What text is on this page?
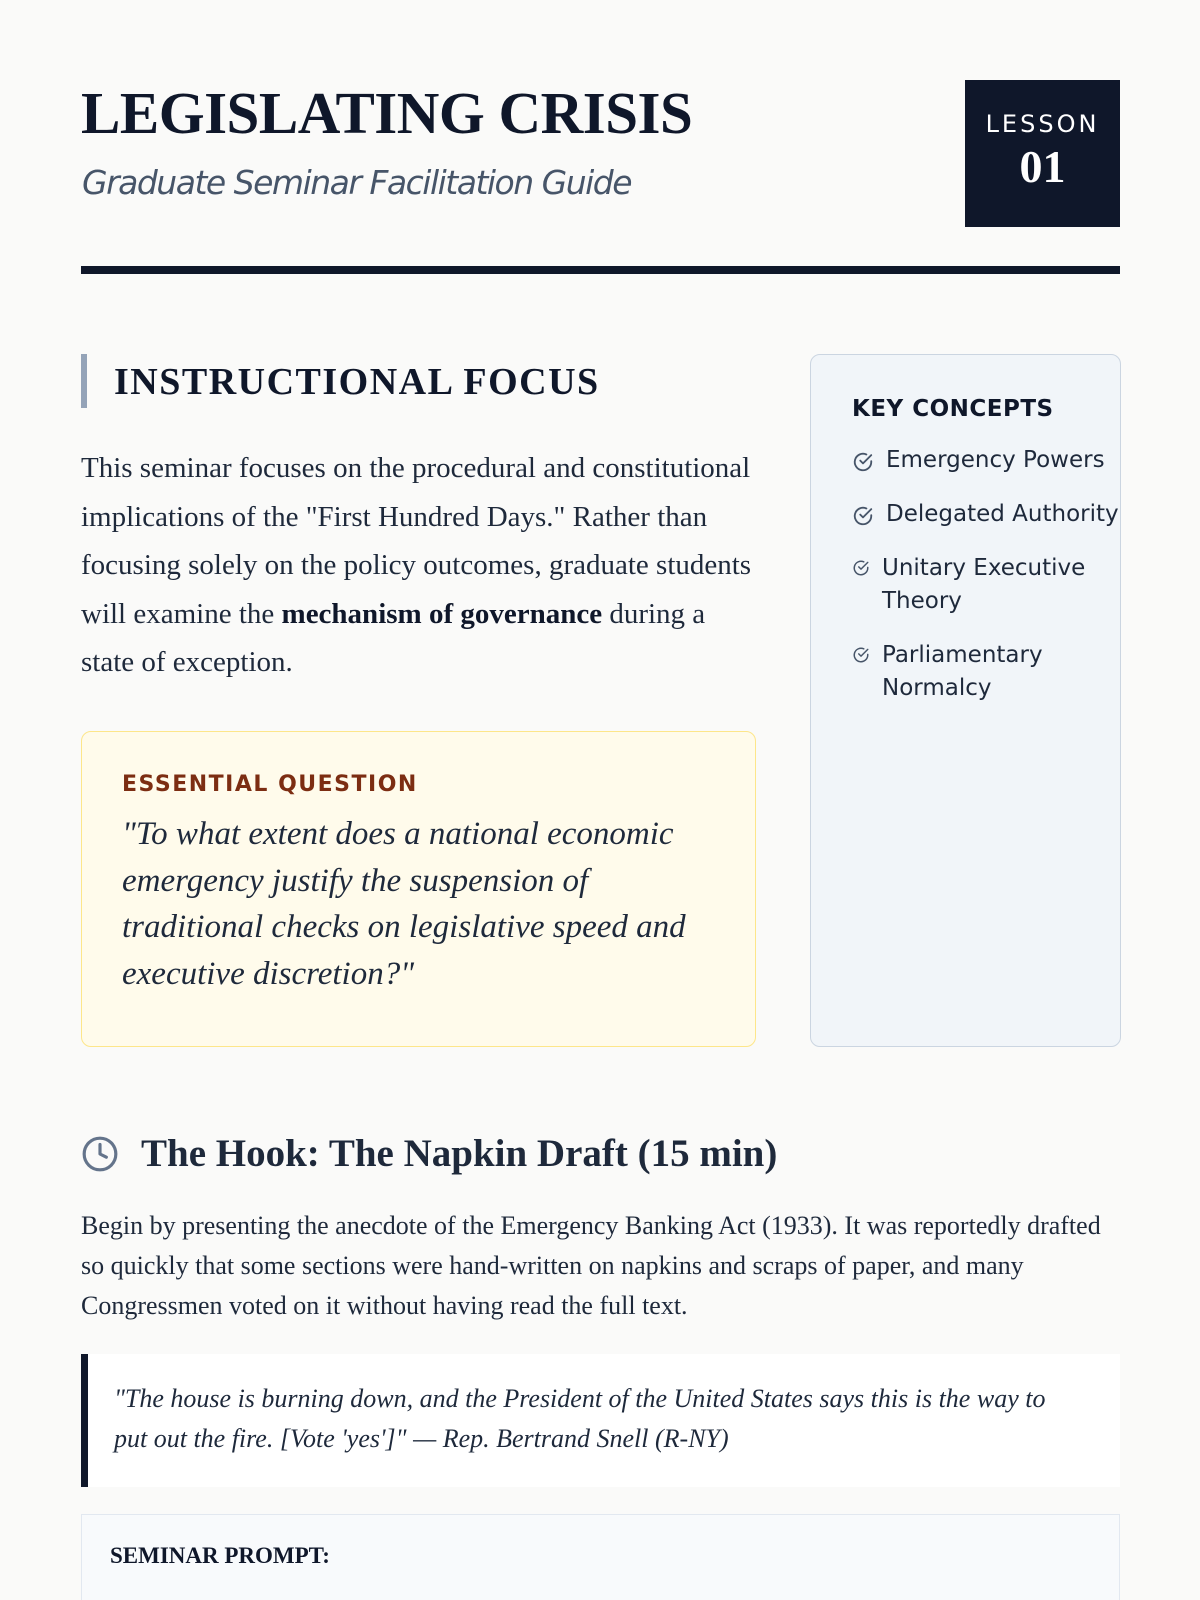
LEGISLATING CRISIS
Graduate Seminar Facilitation Guide
LESSON
01
INSTRUCTIONAL FOCUS

This seminar focuses on the procedural and constitutional implications of the "First Hundred Days." Rather than focusing solely on the policy outcomes, graduate students will examine the mechanism of governance during a state of exception.

ESSENTIAL QUESTION

"To what extent does a national economic emergency justify the suspension of traditional checks on legislative speed and executive discretion?"

KEY CONCEPTS
Emergency Powers
Delegated Authority
Unitary Executive Theory
Parliamentary Normalcy
The Hook: The Napkin Draft (15 min)

Begin by presenting the anecdote of the Emergency Banking Act (1933). It was reportedly drafted so quickly that some sections were hand-written on napkins and scraps of paper, and many Congressmen voted on it without having read the full text.

"The house is burning down, and the President of the United States says this is the way to put out the fire. [Vote 'yes']" — Rep. Bertrand Snell (R-NY)
SEMINAR PROMPT:
